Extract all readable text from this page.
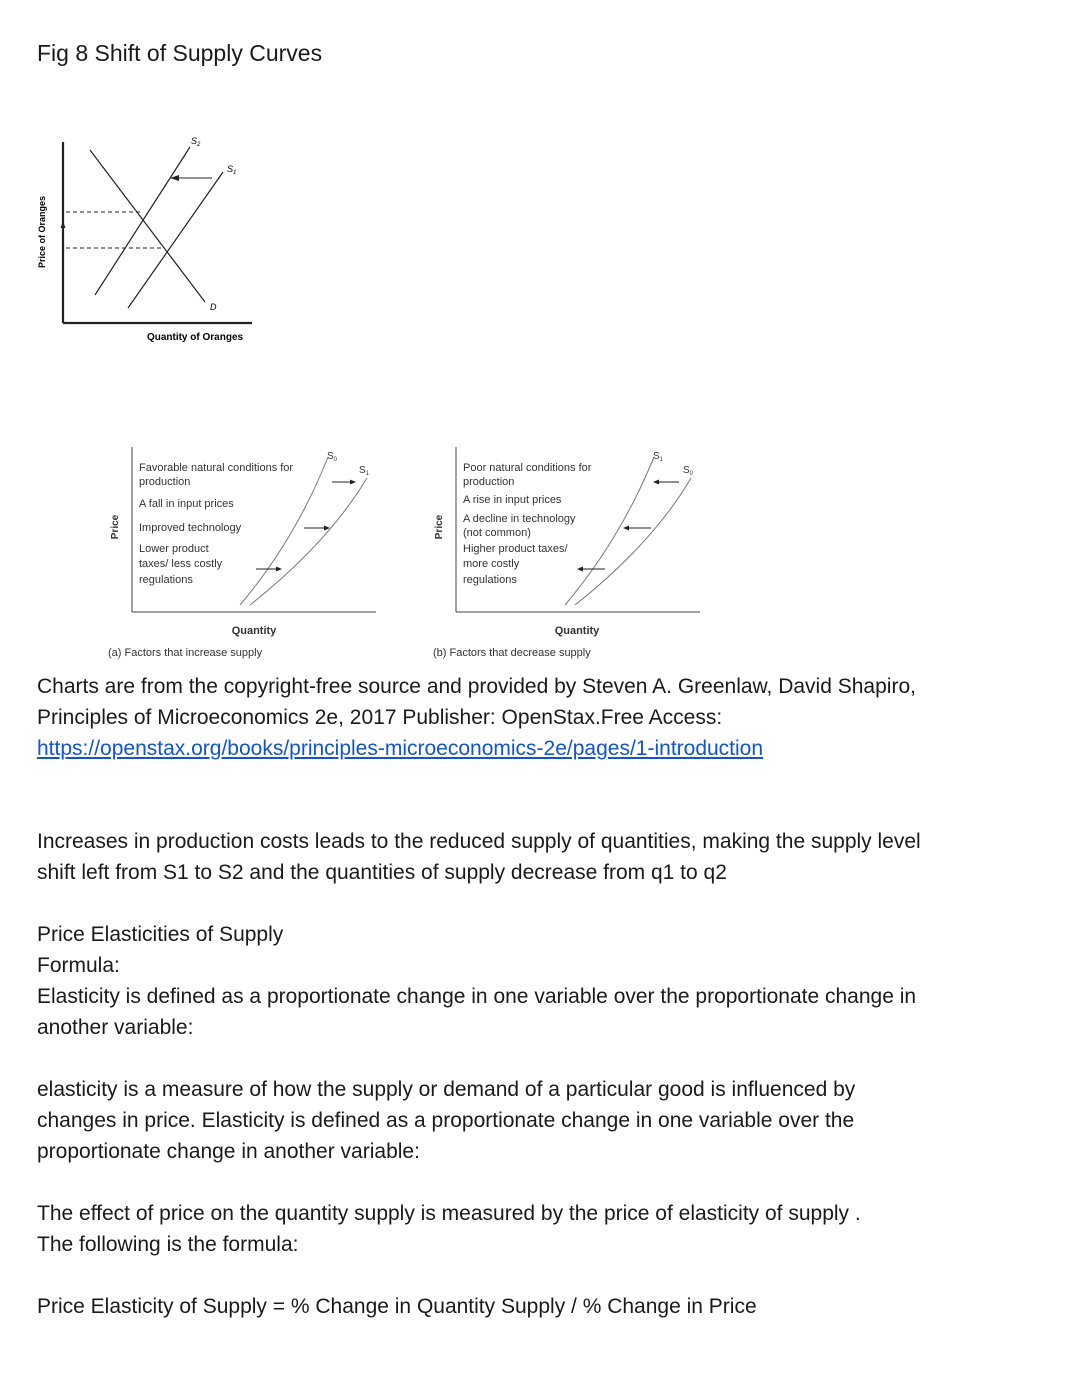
Fig 8 Shift of Supply Curves
Price of Oranges
Quantity of Oranges
$S_2$
$S_1$
D
Price
$S_0$
$S_1$
Favorable natural conditions for
production
A fall in input prices
Improved technology
Lower product
taxes/ less costly
regulations
Quantity
(a) Factors that increase supply
Price
$S_1$
$S_0$
Poor natural conditions for
production
A rise in input prices
A decline in technology
(not common)
Higher product taxes/
more costly
regulations
Quantity
(b) Factors that decrease supply
Charts are from the copyright-free source and provided by Steven A. Greenlaw, David Shapiro,
Principles of Microeconomics 2e, 2017 Publisher: OpenStax.Free Access:
https://openstax.org/books/principles-microeconomics-2e/pages/1-introduction
Increases in production costs leads to the reduced supply of quantities, making the supply level
shift left from S1 to S2 and the quantities of supply decrease from q1 to q2
Price Elasticities of Supply
Formula:
Elasticity is defined as a proportionate change in one variable over the proportionate change in
another variable:
elasticity is a measure of how the supply or demand of a particular good is influenced by
changes in price. Elasticity is defined as a proportionate change in one variable over the
proportionate change in another variable:
The effect of price on the quantity supply is measured by the price of elasticity of supply .
The following is the formula:
Price Elasticity of Supply = % Change in Quantity Supply / % Change in Price
